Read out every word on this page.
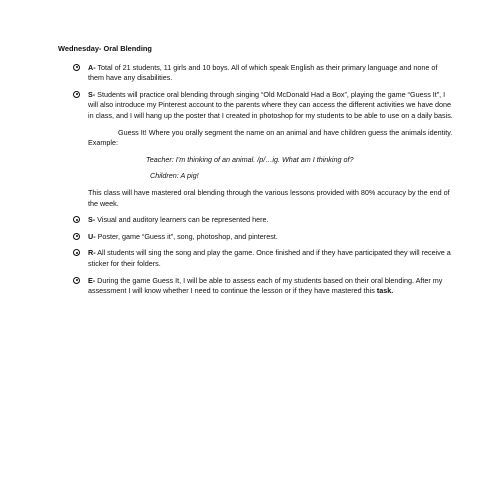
Wednesday- Oral Blending
A- Total of 21 students, 11 girls and 10 boys. All of which speak English as their primary language and none of them have any disabilities.
S- Students will practice oral blending through singing “Old McDonald Had a Box”, playing the game “Guess It”, I will also introduce my Pinterest account to the parents where they can access the different activities we have done in class, and I will hang up the poster that I created in photoshop for my students to be able to use on a daily basis.
Guess It! Where you orally segment the name on an animal and have children guess the animals identity. Example:
Teacher: I’m thinking of an animal. /p/…ig. What am I thinking of?
Children: A pig!
This class will have mastered oral blending through the various lessons provided with 80% accuracy by the end of the week.
S- Visual and auditory learners can be represented here.
U- Poster, game “Guess it”, song, photoshop, and pinterest.
R- All students will sing the song and play the game. Once finished and if they have participated they will receive a sticker for their folders.
E- During the game Guess It, I will be able to assess each of my students based on their oral blending. After my assessment I will know whether I need to continue the lesson or if they have mastered this task.
